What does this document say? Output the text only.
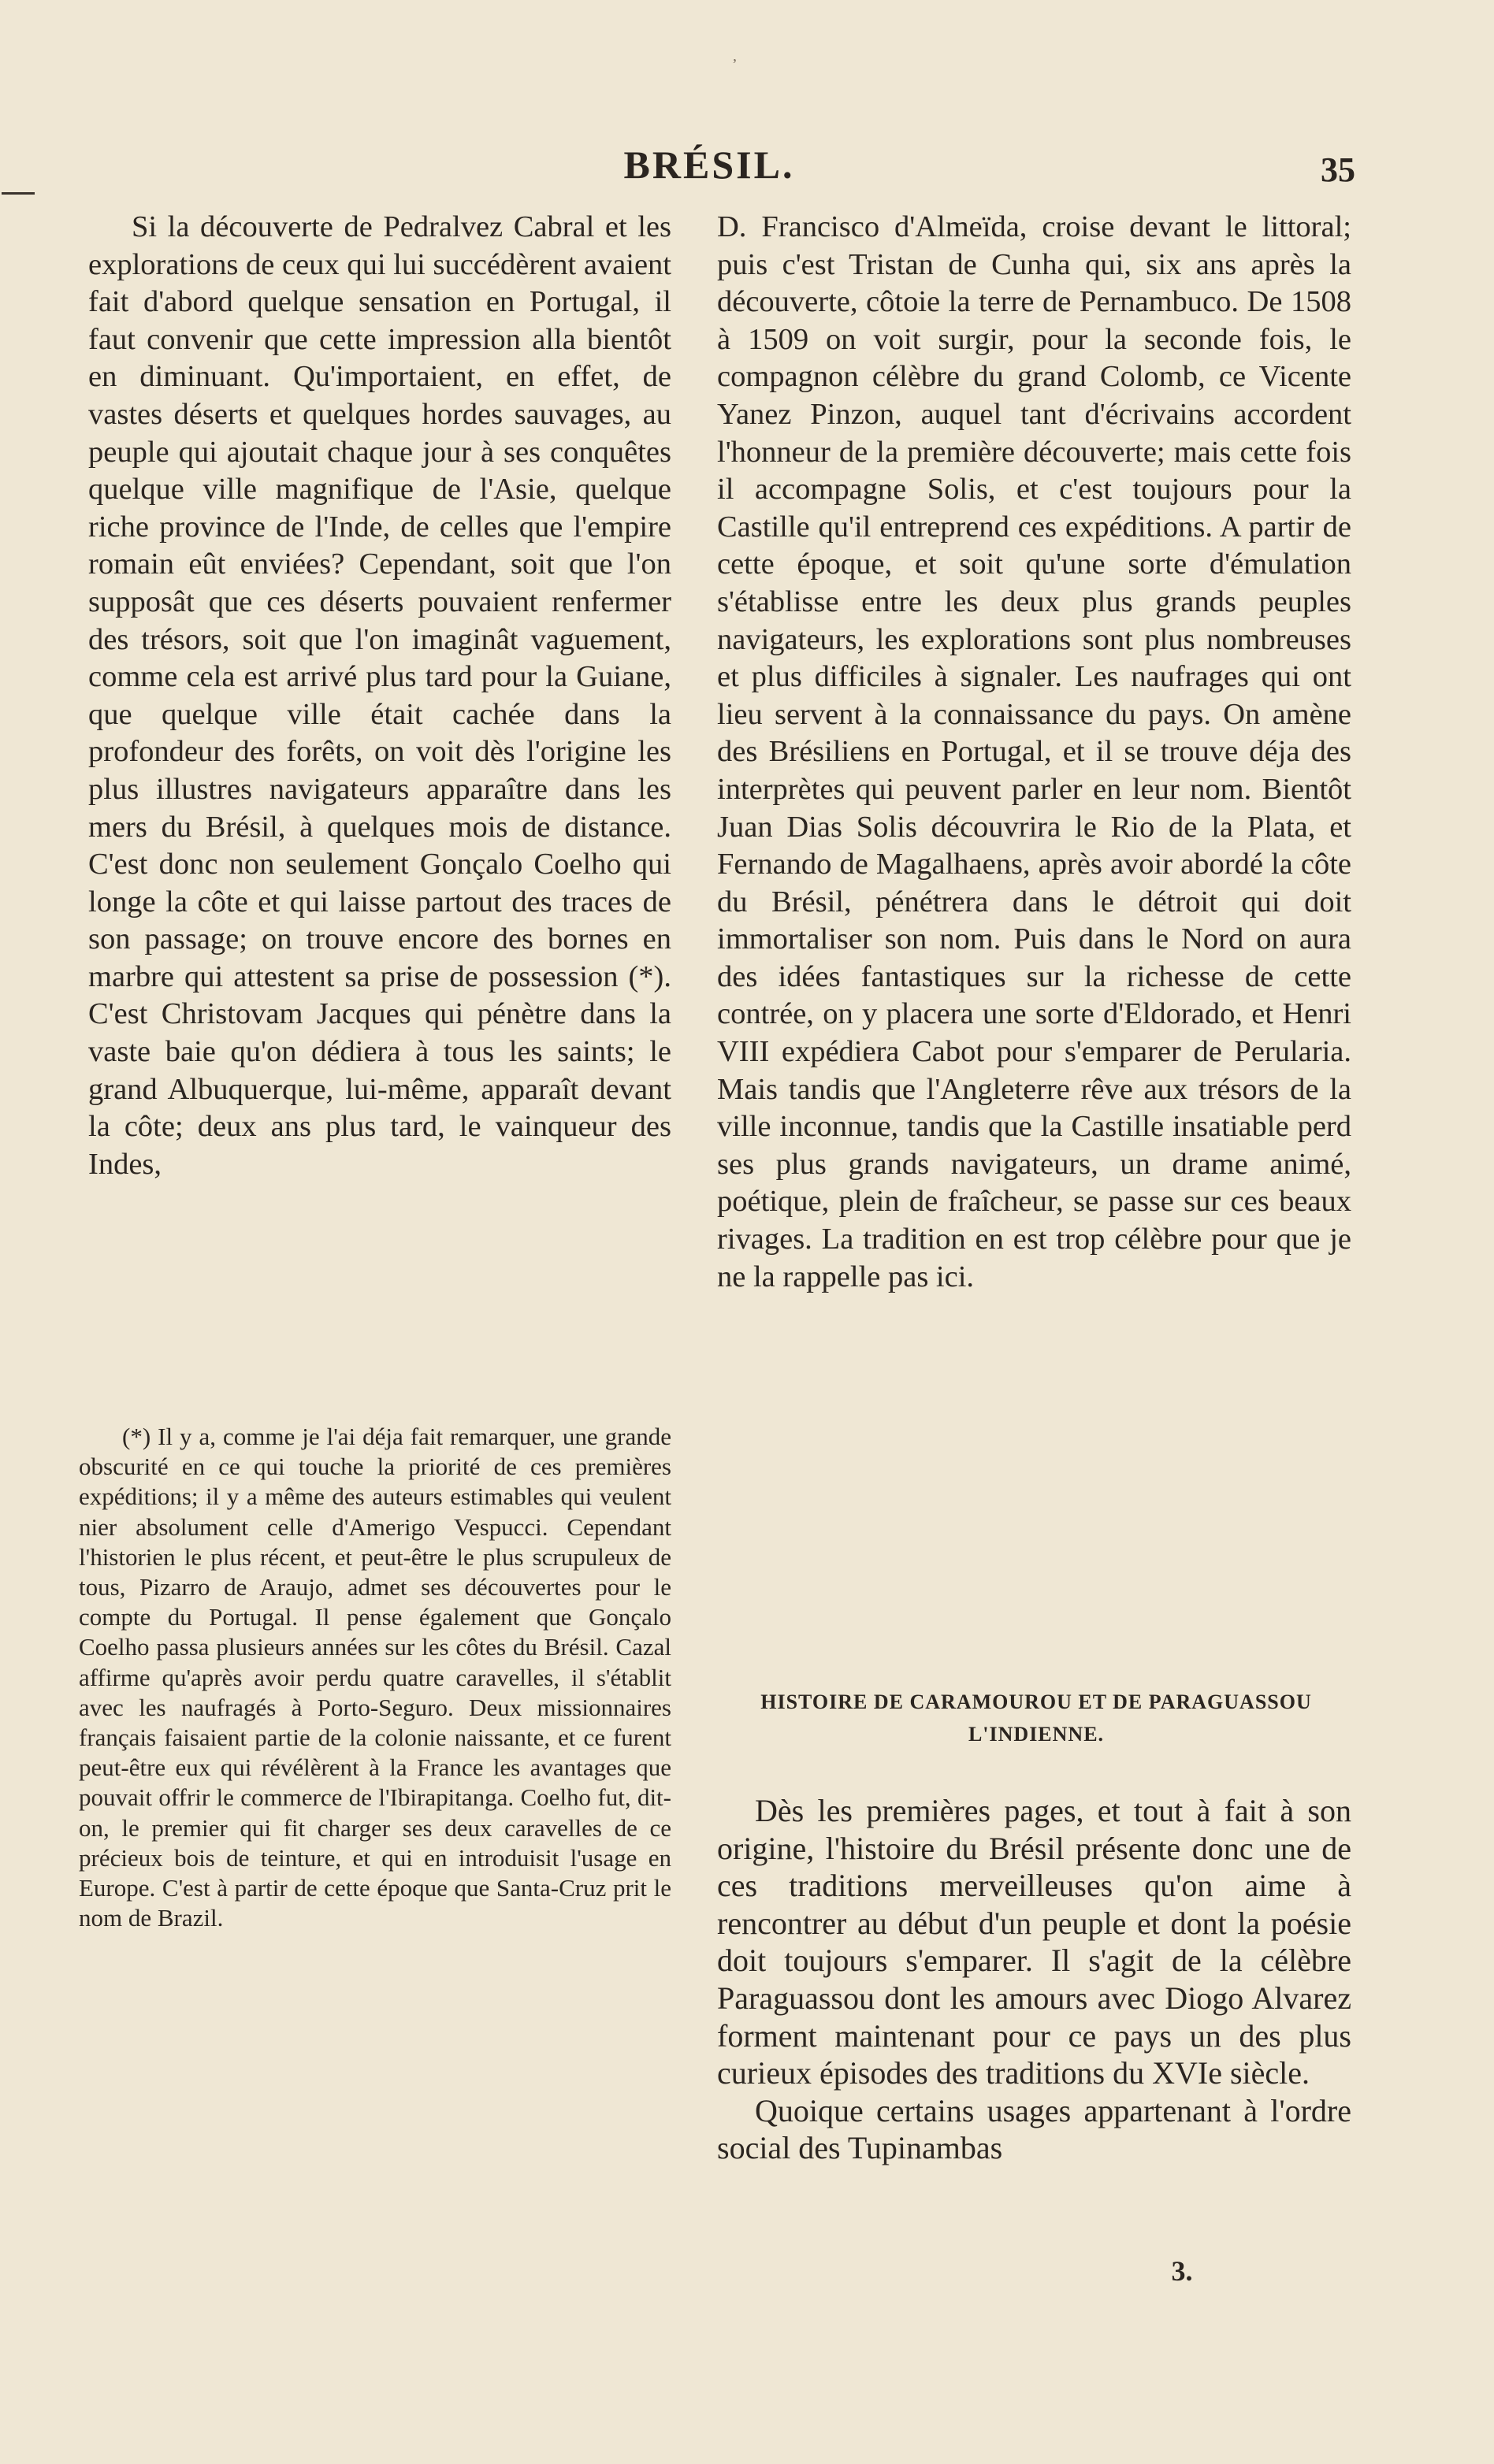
,
BRÉSIL.	35

Si la découverte de Pedralvez Cabral et les explorations de ceux qui lui succédèrent avaient fait d'abord quelque sensation en Portugal, il faut convenir que cette impression alla bientôt en diminuant. Qu'importaient, en effet, de vastes déserts et quelques hordes sauvages, au peuple qui ajoutait chaque jour à ses conquêtes quelque ville magnifique de l'Asie, quelque riche province de l'Inde, de celles que l'empire romain eût enviées? Cependant, soit que l'on supposât que ces déserts pouvaient renfermer des trésors, soit que l'on imaginât vaguement, comme cela est arrivé plus tard pour la Guiane, que quelque ville était cachée dans la profondeur des forêts, on voit dès l'origine les plus illustres navigateurs apparaître dans les mers du Brésil, à quelques mois de distance. C'est donc non seulement Gonçalo Coelho qui longe la côte et qui laisse partout des traces de son passage; on trouve encore des bornes en marbre qui attestent sa prise de possession (*). C'est Christovam Jacques qui pénètre dans la vaste baie qu'on dédiera à tous les saints; le grand Albuquerque, lui-même, apparaît devant la côte; deux ans plus tard, le vainqueur des Indes,

(*) Il y a, comme je l'ai déja fait remarquer, une grande obscurité en ce qui touche la priorité de ces premières expéditions; il y a même des auteurs estimables qui veulent nier absolument celle d'Amerigo Vespucci. Cependant l'historien le plus récent, et peut-être le plus scrupuleux de tous, Pizarro de Araujo, admet ses découvertes pour le compte du Portugal. Il pense également que Gonçalo Coelho passa plusieurs années sur les côtes du Brésil. Cazal affirme qu'après avoir perdu quatre caravelles, il s'établit avec les naufragés à Porto-Seguro. Deux missionnaires français faisaient partie de la colonie naissante, et ce furent peut-être eux qui révélèrent à la France les avantages que pouvait offrir le commerce de l'Ibirapitanga. Coelho fut, dit-on, le premier qui fit charger ses deux caravelles de ce précieux bois de teinture, et qui en introduisit l'usage en Europe. C'est à partir de cette époque que Santa-Cruz prit le nom de Brazil.

D. Francisco d'Almeïda, croise devant le littoral; puis c'est Tristan de Cunha qui, six ans après la découverte, côtoie la terre de Pernambuco. De 1508 à 1509 on voit surgir, pour la seconde fois, le compagnon célèbre du grand Colomb, ce Vicente Yanez Pinzon, auquel tant d'écrivains accordent l'honneur de la première découverte; mais cette fois il accompagne Solis, et c'est toujours pour la Castille qu'il entreprend ces expéditions. A partir de cette époque, et soit qu'une sorte d'émulation s'établisse entre les deux plus grands peuples navigateurs, les explorations sont plus nombreuses et plus difficiles à signaler. Les naufrages qui ont lieu servent à la connaissance du pays. On amène des Brésiliens en Portugal, et il se trouve déja des interprètes qui peuvent parler en leur nom. Bientôt Juan Dias Solis découvrira le Rio de la Plata, et Fernando de Magalhaens, après avoir abordé la côte du Brésil, pénétrera dans le détroit qui doit immortaliser son nom. Puis dans le Nord on aura des idées fantastiques sur la richesse de cette contrée, on y placera une sorte d'Eldorado, et Henri VIII expédiera Cabot pour s'emparer de Perularia. Mais tandis que l'Angleterre rêve aux trésors de la ville inconnue, tandis que la Castille insatiable perd ses plus grands navigateurs, un drame animé, poétique, plein de fraîcheur, se passe sur ces beaux rivages. La tradition en est trop célèbre pour que je ne la rappelle pas ici.

HISTOIRE DE CARAMOUROU ET DE PARAGUASSOU L'INDIENNE.

Dès les premières pages, et tout à fait à son origine, l'histoire du Brésil présente donc une de ces traditions merveilleuses qu'on aime à rencontrer au début d'un peuple et dont la poésie doit toujours s'emparer. Il s'agit de la célèbre Paraguassou dont les amours avec Diogo Alvarez forment maintenant pour ce pays un des plus curieux épisodes des traditions du XVIe siècle.

Quoique certains usages appartenant à l'ordre social des Tupinambas

3.
